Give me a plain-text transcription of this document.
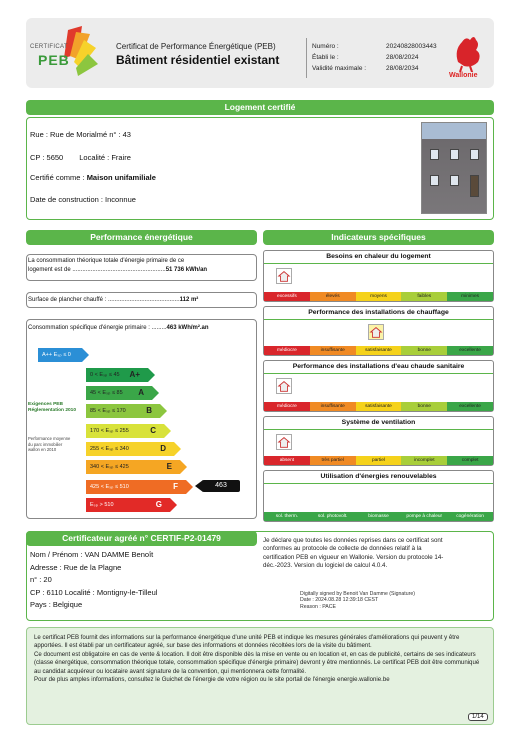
CERTIFICAT
PEB
Certificat de Performance Énergétique (PEB)
Bâtiment résidentiel existant
Numéro :	20240828003443
Établi le :	28/08/2024
Validité maximale :	28/08/2034
Wallonie
Logement certifié
Rue : Rue de Morialmé n° : 43
CP : 5650 Localité : Fraire
Certifié comme : Maison unifamiliale
Date de construction : Inconnue
Performance énergétique
La consommation théorique totale d'énergie primaire de ce
logement est de ........................................................51 736 kWh/an
Surface de plancher chauffé : ...........................................112 m²
Consommation spécifique d'énergie primaire : .........463 kWh/m².an
Exigences PEB
Réglementation 2010
Performance moyenne
du parc immobilier
wallon en 2010
A++ Eₛₚ ≤ 0
0 < Eₛₚ ≤ 45 A+
45 < Eₛₚ ≤ 85 A
85 < Eₛₚ ≤ 170	B
170 < Eₛₚ ≤ 255	C
255 < Eₛₚ ≤ 340	D
340 < Eₛₚ ≤ 425	E
425 < Eₛₚ ≤ 510	F
Eₛₚ > 510	G
463
Indicateurs spécifiques
Besoins en chaleur du logement
excessifs	élevés	moyens	faibles	minimes
Performance des installations de chauffage
médiocre	insuffisante	satisfaisante	bonne	excellente
Performance des installations d'eau chaude sanitaire
médiocre	insuffisante	satisfaisante	bonne	excellente
Système de ventilation
absent	très partiel	partiel	incomplet	complet
Utilisation d'énergies renouvelables
sol. therm.	sol. photovolt.	biomasse	pompe à chaleur	cogénération
Certificateur agréé n° CERTIF-P2-01479
Nom / Prénom : VAN DAMME Benoît
Adresse : Rue de la Plagne
n° : 20
CP : 6110 Localité : Montigny-le-Tilleul
Pays : Belgique
Je déclare que toutes les données reprises dans ce certificat sont
conformes au protocole de collecte de données relatif à la
certification PEB en vigueur en Wallonie. Version du protocole 14-
déc.-2023. Version du logiciel de calcul 4.0.4.
Digitally signed by Benoit Van Damme (Signature)
Date : 2024.08.28 12:39:18 CEST
Reason : PACE
Le certificat PEB fournit des informations sur la performance énergétique d'une unité PEB et indique les mesures générales d'améliorations qui peuvent y être apportées. Il est établi par un certificateur agréé, sur base des informations et données récoltées lors de la visite du bâtiment.
Ce document est obligatoire en cas de vente & location. Il doit être disponible dès la mise en vente ou en location et, en cas de publicité, certains de ses indicateurs (classe énergétique, consommation théorique totale, consommation spécifique d'énergie primaire) devront y être mentionnés. Le certificat PEB doit être communiqué au candidat acquéreur ou locataire avant signature de la convention, qui mentionnera cette formalité.
Pour de plus amples informations, consultez le Guichet de l'énergie de votre région ou le site portail de l'énergie energie.wallonie.be
1/14
